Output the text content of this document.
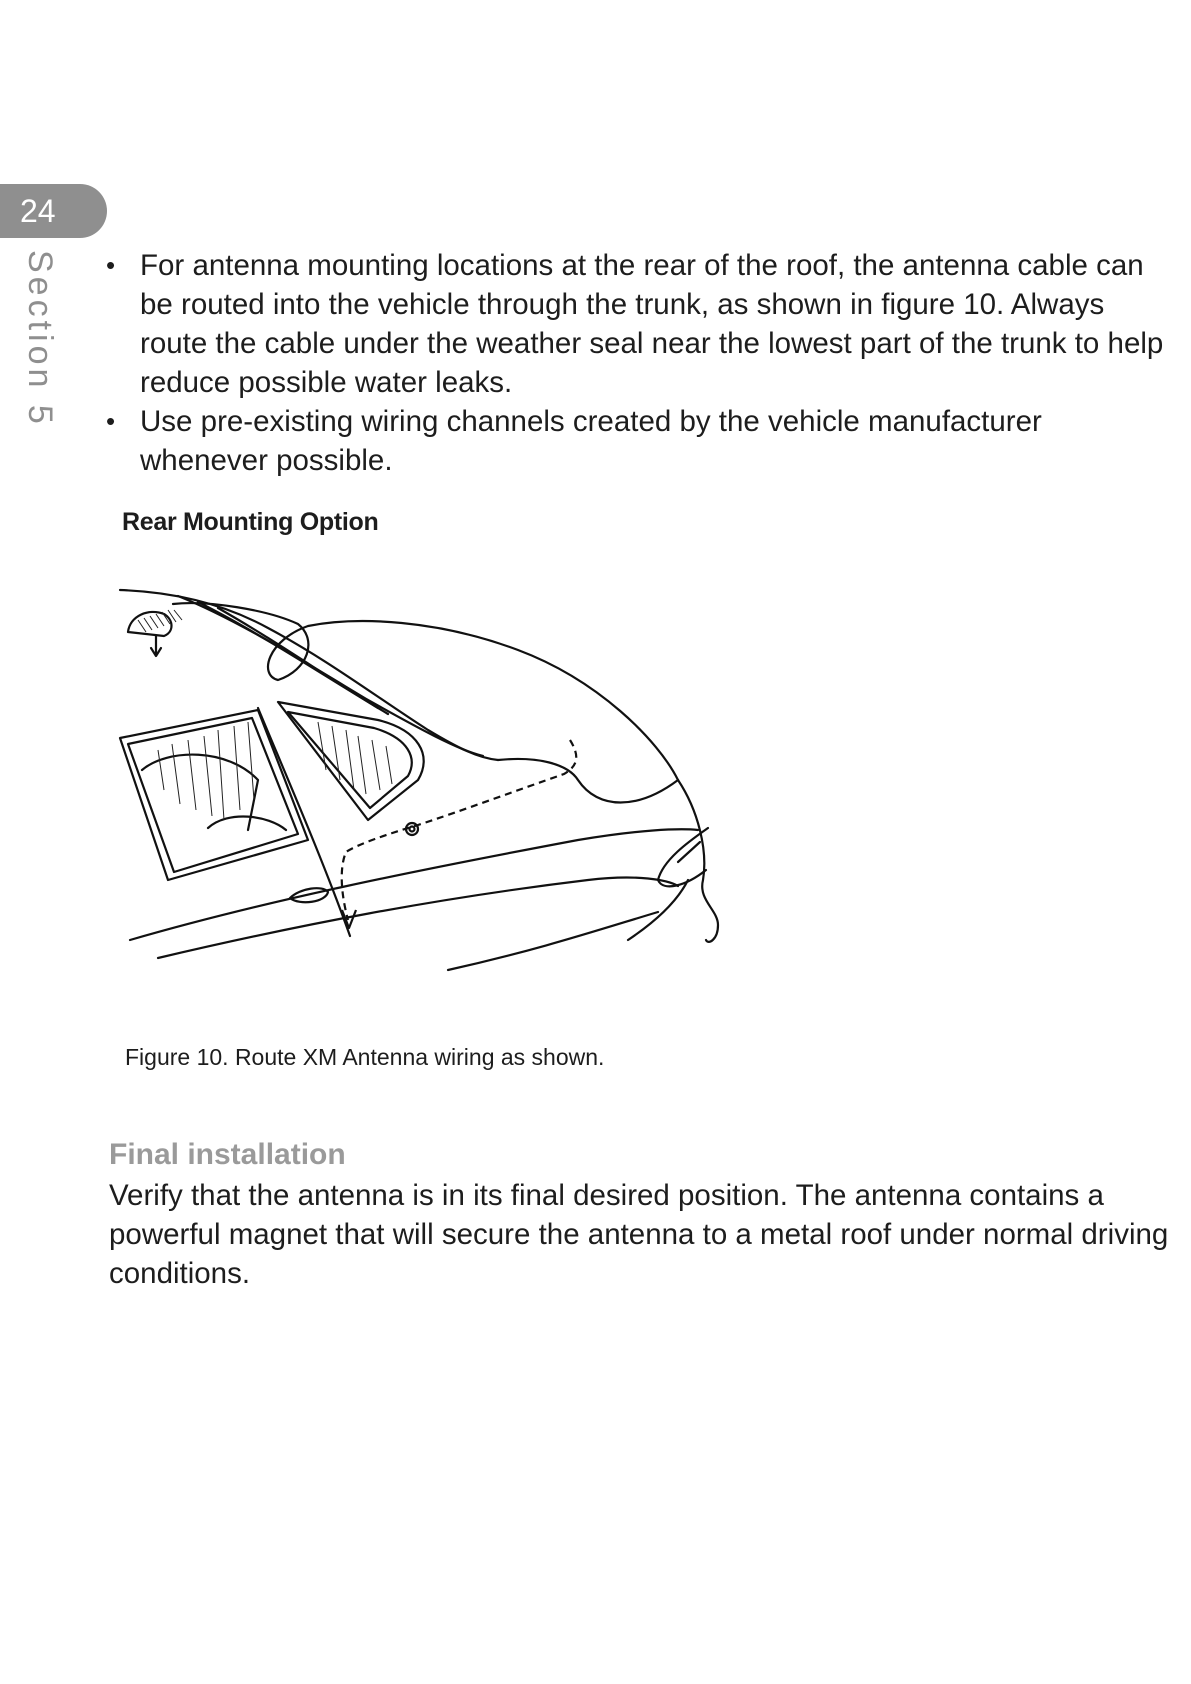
24
Section 5 • For antenna mounting locations at the rear of the roof, the antenna cable can be routed into the vehicle through the trunk, as shown in figure 10. Always route the cable under the weather seal near the lowest part of the trunk to help reduce possible water leaks.
• Use pre-existing wiring channels created by the vehicle manufacturer whenever possible.
Rear Mounting Option
Figure 10. Route XM Antenna wiring as shown.
Final installation
Verify that the antenna is in its final desired position. The antenna contains a powerful magnet that will secure the antenna to a metal roof under normal driving conditions.
